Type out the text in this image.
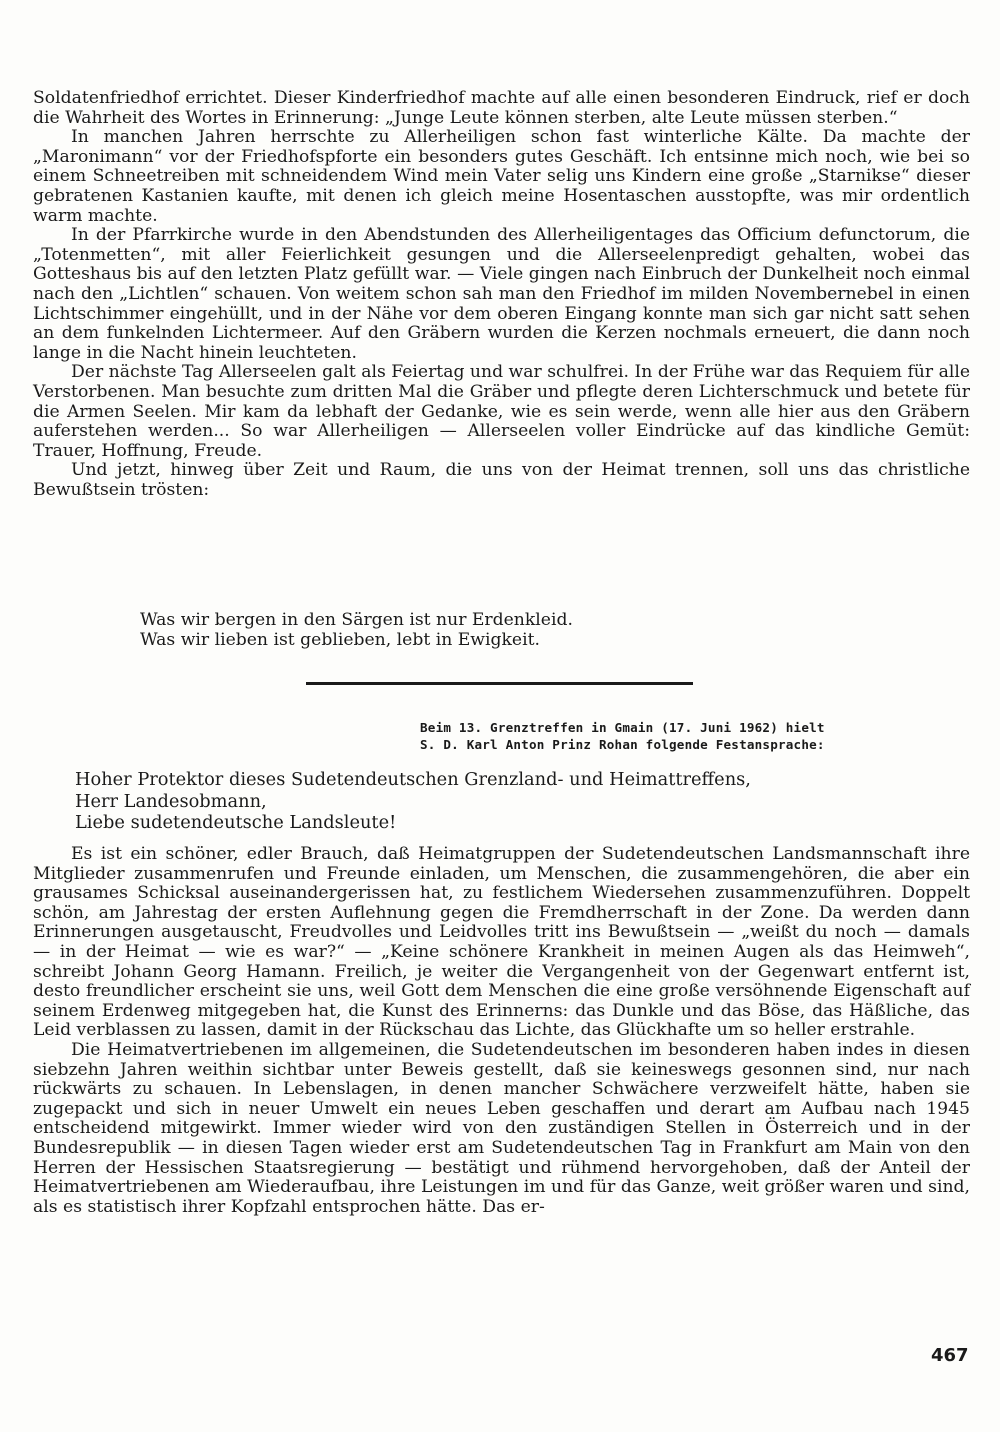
Soldatenfriedhof errichtet. Dieser Kinderfriedhof machte auf alle einen besonderen Eindruck, rief er doch die Wahrheit des Wortes in Erinnerung: „Junge Leute können sterben, alte Leute müssen sterben.“

In manchen Jahren herrschte zu Allerheiligen schon fast winterliche Kälte. Da machte der „Maronimann“ vor der Friedhofspforte ein besonders gutes Geschäft. Ich entsinne mich noch, wie bei so einem Schneetreiben mit schneidendem Wind mein Vater selig uns Kindern eine große „Starnikse“ dieser gebratenen Kastanien kaufte, mit denen ich gleich meine Hosentaschen ausstopfte, was mir ordentlich warm machte.

In der Pfarrkirche wurde in den Abendstunden des Allerheiligentages das Officium defunctorum, die „Totenmetten“, mit aller Feierlichkeit gesungen und die Allerseelenpredigt gehalten, wobei das Gotteshaus bis auf den letzten Platz gefüllt war. — Viele gingen nach Einbruch der Dunkelheit noch einmal nach den „Lichtlen“ schauen. Von weitem schon sah man den Friedhof im milden Novembernebel in einen Lichtschimmer eingehüllt, und in der Nähe vor dem oberen Eingang konnte man sich gar nicht satt sehen an dem funkelnden Lichtermeer. Auf den Gräbern wurden die Kerzen nochmals erneuert, die dann noch lange in die Nacht hinein leuchteten.

Der nächste Tag Allerseelen galt als Feiertag und war schulfrei. In der Frühe war das Requiem für alle Verstorbenen. Man besuchte zum dritten Mal die Gräber und pflegte deren Lichterschmuck und betete für die Armen Seelen. Mir kam da lebhaft der Gedanke, wie es sein werde, wenn alle hier aus den Gräbern auferstehen werden... So war Allerheiligen — Allerseelen voller Eindrücke auf das kindliche Gemüt: Trauer, Hoffnung, Freude.

Und jetzt, hinweg über Zeit und Raum, die uns von der Heimat trennen, soll uns das christliche Bewußtsein trösten:

Was wir bergen in den Särgen ist nur Erdenkleid.
Was wir lieben ist geblieben, lebt in Ewigkeit.
Beim 13. Grenztreffen in Gmain (17. Juni 1962) hielt
S. D. Karl Anton Prinz Rohan folgende Festansprache:
Hoher Protektor dieses Sudetendeutschen Grenzland- und Heimattreffens,
Herr Landesobmann,
Liebe sudetendeutsche Landsleute!

Es ist ein schöner, edler Brauch, daß Heimatgruppen der Sudetendeutschen Landsmannschaft ihre Mitglieder zusammenrufen und Freunde einladen, um Menschen, die zusammengehören, die aber ein grausames Schicksal auseinandergerissen hat, zu festlichem Wiedersehen zusammenzuführen. Doppelt schön, am Jahrestag der ersten Auflehnung gegen die Fremdherrschaft in der Zone. Da werden dann Erinnerungen ausgetauscht, Freudvolles und Leidvolles tritt ins Bewußtsein — „weißt du noch — damals — in der Heimat — wie es war?“ — „Keine schönere Krankheit in meinen Augen als das Heimweh“, schreibt Johann Georg Hamann. Freilich, je weiter die Vergangenheit von der Gegenwart entfernt ist, desto freundlicher erscheint sie uns, weil Gott dem Menschen die eine große versöhnende Eigenschaft auf seinem Erdenweg mitgegeben hat, die Kunst des Erinnerns: das Dunkle und das Böse, das Häßliche, das Leid verblassen zu lassen, damit in der Rückschau das Lichte, das Glückhafte um so heller erstrahle.

Die Heimatvertriebenen im allgemeinen, die Sudetendeutschen im besonderen haben indes in diesen siebzehn Jahren weithin sichtbar unter Beweis gestellt, daß sie keineswegs gesonnen sind, nur nach rückwärts zu schauen. In Lebenslagen, in denen mancher Schwächere verzweifelt hätte, haben sie zugepackt und sich in neuer Umwelt ein neues Leben geschaffen und derart am Aufbau nach 1945 entscheidend mitgewirkt. Immer wieder wird von den zuständigen Stellen in Österreich und in der Bundesrepublik — in diesen Tagen wieder erst am Sudetendeutschen Tag in Frankfurt am Main von den Herren der Hessischen Staatsregierung — bestätigt und rühmend hervorgehoben, daß der Anteil der Heimatvertriebenen am Wiederaufbau, ihre Leistungen im und für das Ganze, weit größer waren und sind, als es statistisch ihrer Kopfzahl entsprochen hätte. Das er-

467
